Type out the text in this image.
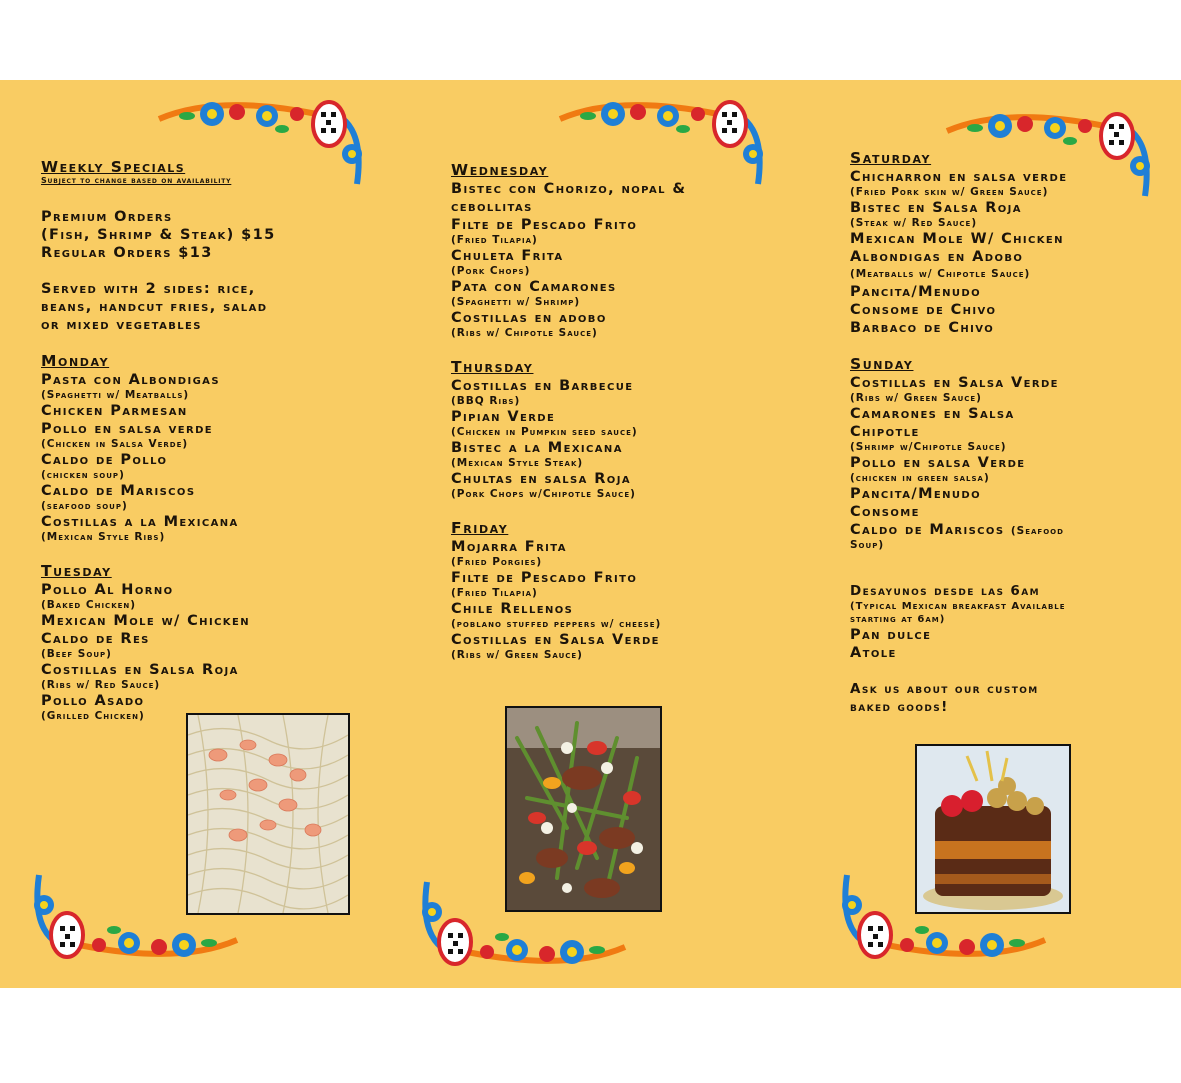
Weekly Specials
Subject to change based on availability
Premium Orders
(Fish, Shrimp & Steak) $15
Regular Orders $13
Served with 2 sides: rice,
beans, handcut fries, salad
or mixed vegetables
Monday
Pasta con Albondigas
(Spaghetti w/ Meatballs)
Chicken Parmesan
Pollo en salsa verde
(Chicken in Salsa Verde)
Caldo de Pollo
(chicken soup)
Caldo de Mariscos
(seafood soup)
Costillas a la Mexicana
(Mexican Style Ribs)
Tuesday
Pollo Al Horno
(Baked Chicken)
Mexican Mole w/ Chicken
Caldo de Res
(Beef Soup)
Costillas en Salsa Roja
(Ribs w/ Red Sauce)
Pollo Asado
(Grilled Chicken)
Wednesday
Bistec con Chorizo, nopal &
cebollitas
Filte de Pescado Frito
(Fried Tilapia)
Chuleta Frita
(Pork Chops)
Pata con Camarones
(Spaghetti w/ Shrimp)
Costillas en adobo
(Ribs w/ Chipotle Sauce)
Thursday
Costillas en Barbecue
(BBQ Ribs)
Pipian Verde
(Chicken in Pumpkin seed sauce)
Bistec a la Mexicana
(Mexican Style Steak)
Chultas en salsa Roja
(Pork Chops w/Chipotle Sauce)
Friday
Mojarra Frita
(Fried Porgies)
Filte de Pescado Frito
(Fried Tilapia)
Chile Rellenos
(poblano stuffed peppers w/ cheese)
Costillas en Salsa Verde
(Ribs w/ Green Sauce)
Saturday
Chicharron en salsa verde
(Fried Pork skin w/ Green Sauce)
Bistec en Salsa Roja
(Steak w/ Red Sauce)
Mexican Mole W/ Chicken
Albondigas en Adobo
(Meatballs w/ Chipotle Sauce)
Pancita/Menudo
Consome de Chivo
Barbaco de Chivo
Sunday
Costillas en Salsa Verde
(Ribs w/ Green Sauce)
Camarones en Salsa
Chipotle
(Shrimp w/Chipotle Sauce)
Pollo en salsa Verde
(chicken in green salsa)
Pancita/Menudo
Consome
Caldo de Mariscos (Seafood
Soup)
Desayunos desde las 6am
(Typical Mexican breakfast Available
starting at 6am)
Pan dulce
Atole
Ask us about our custom
baked goods!
